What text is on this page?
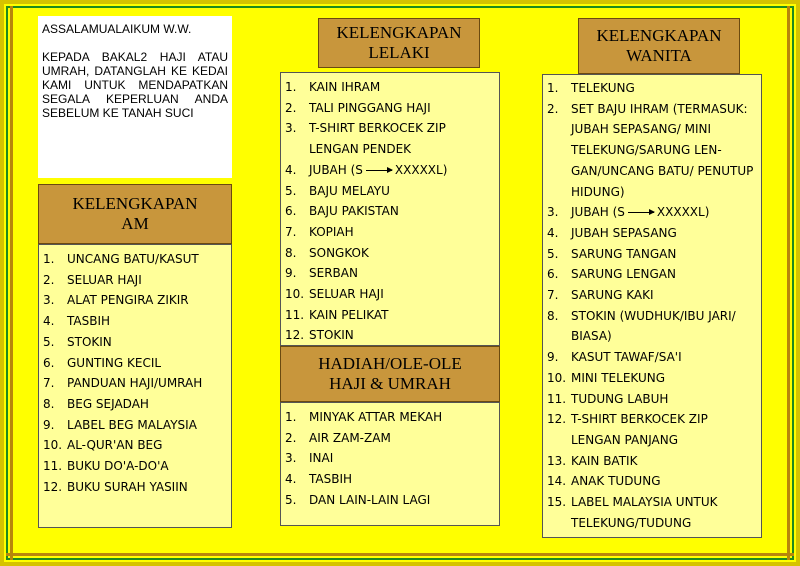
ASSALAMUALAIKUM W.W.
KEPADA BAKAL2 HAJI ATAU UMRAH, DATANGLAH KE KEDAI KAMI UNTUK MENDAPATKAN SEGALA KEPERLUAN ANDA SEBELUM KE TANAH SUCI
KELENGKAPAN
AM
1. UNCANG BATU/KASUT
2. SELUAR HAJI
3. ALAT PENGIRA ZIKIR
4. TASBIH
5. STOKIN
6. GUNTING KECIL
7. PANDUAN HAJI/UMRAH
8. BEG SEJADAH
9. LABEL BEG MALAYSIA
10. AL-QUR'AN BEG
11. BUKU DO'A-DO'A
12. BUKU SURAH YASIIN
KELENGKAPAN
LELAKI
1. KAIN IHRAM
2. TALI PINGGANG HAJI
3. T-SHIRT BERKOCEK ZIP LENGAN PENDEK
4. JUBAH (S	XXXXXL)
5. BAJU MELAYU
6. BAJU PAKISTAN
7. KOPIAH
8. SONGKOK
9. SERBAN
10. SELUAR HAJI
11. KAIN PELIKAT
12. STOKIN
HADIAH/OLE-OLE
HAJI & UMRAH
1. MINYAK ATTAR MEKAH
2. AIR ZAM-ZAM
3. INAI
4. TASBIH
5. DAN LAIN-LAIN LAGI
KELENGKAPAN
WANITA
1. TELEKUNG
2. SET BAJU IHRAM (TERMASUK: JUBAH SEPASANG/ MINI TELEKUNG/SARUNG LEN-GAN/UNCANG BATU/ PENUTUP HIDUNG)
3. JUBAH (S	XXXXXL)
4. JUBAH SEPASANG
5. SARUNG TANGAN
6. SARUNG LENGAN
7. SARUNG KAKI
8. STOKIN (WUDHUK/IBU JARI/ BIASA)
9. KASUT TAWAF/SA'I
10. MINI TELEKUNG
11. TUDUNG LABUH
12. T-SHIRT BERKOCEK ZIP LENGAN PANJANG
13. KAIN BATIK
14. ANAK TUDUNG
15. LABEL MALAYSIA UNTUK TELEKUNG/TUDUNG
